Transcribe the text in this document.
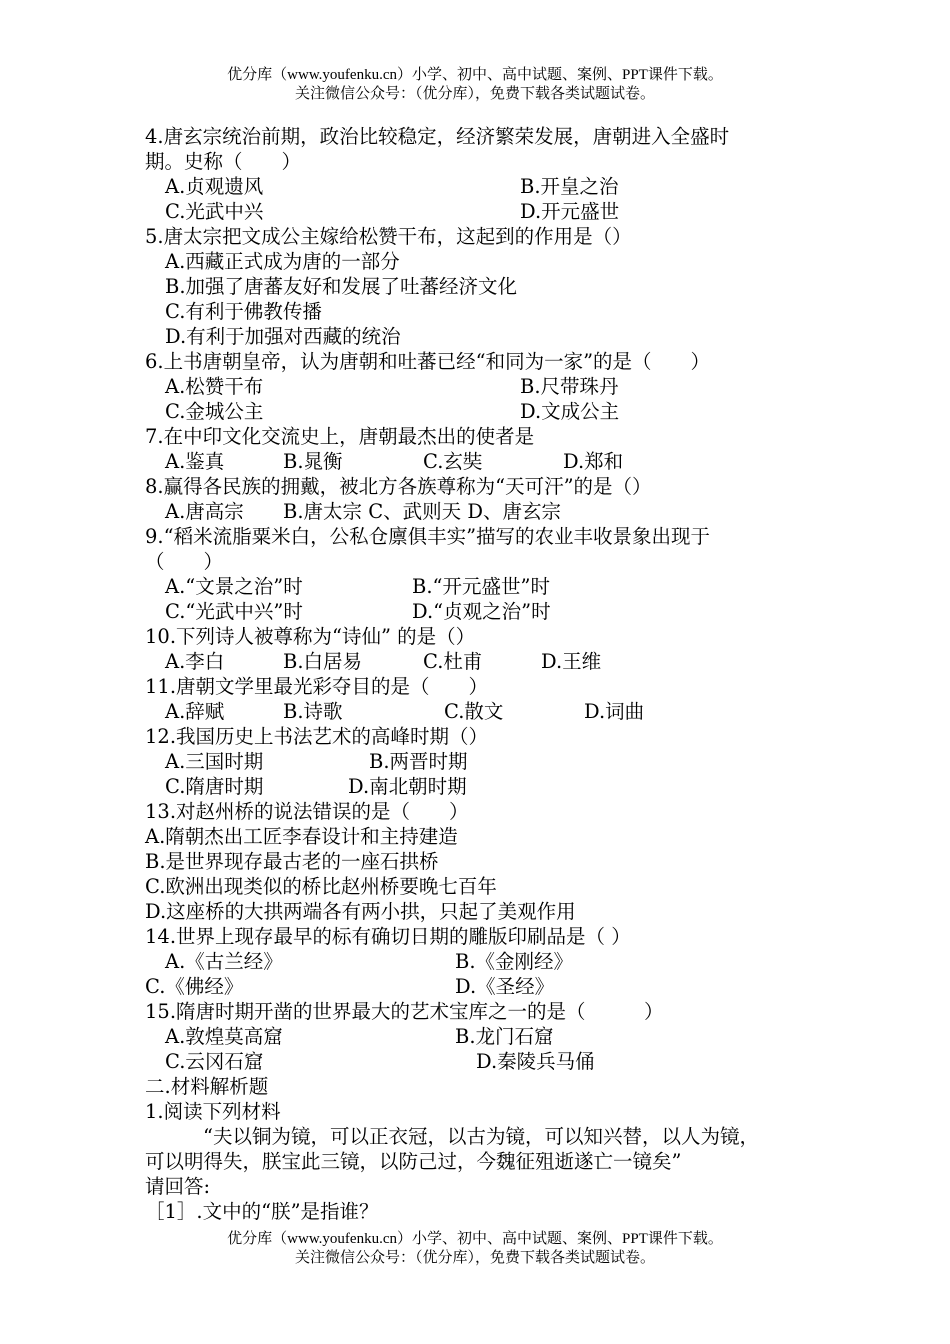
优分库（www.youfenku.cn）小学、初中、高中试题、案例、PPT课件下载。
关注微信公众号：（优分库），免费下载各类试题试卷。
4.唐玄宗统治前期，政治比较稳定，经济繁荣发展，唐朝进入全盛时
期。史称（　　）
A.贞观遗风	B.开皇之治
C.光武中兴	D.开元盛世
5.唐太宗把文成公主嫁给松赞干布，这起到的作用是（）
A.西藏正式成为唐的一部分
B.加强了唐蕃友好和发展了吐蕃经济文化
C.有利于佛教传播
D.有利于加强对西藏的统治
6.上书唐朝皇帝，认为唐朝和吐蕃已经“和同为一家”的是（　　）
A.松赞干布	B.尺带珠丹
C.金城公主	D.文成公主
7.在中印文化交流史上，唐朝最杰出的使者是
A.鉴真	B.晁衡	C.玄奘	D.郑和
8.赢得各民族的拥戴，被北方各族尊称为“天可汗”的是（）
A.唐高宗 B.唐太宗 C、武则天 D、唐玄宗
9.“稻米流脂粟米白，公私仓廪俱丰实”描写的农业丰收景象出现于
（　　）
A.“文景之治”时	B.“开元盛世”时
C.“光武中兴”时	D.“贞观之治”时
10.下列诗人被尊称为“诗仙” 的是（）
A.李白	B.白居易	C.杜甫	D.王维
11.唐朝文学里最光彩夺目的是（　　）
A.辞赋	B.诗歌	C.散文	D.词曲
12.我国历史上书法艺术的高峰时期（）
A.三国时期	B.两晋时期
C.隋唐时期	D.南北朝时期
13.对赵州桥的说法错误的是（　　）
A.隋朝杰出工匠李春设计和主持建造
B.是世界现存最古老的一座石拱桥
C.欧洲出现类似的桥比赵州桥要晚七百年
D.这座桥的大拱两端各有两小拱，只起了美观作用
14.世界上现存最早的标有确切日期的雕版印刷品是（ ）
A.《古兰经》	B.《金刚经》
C.《佛经》	D.《圣经》
15.隋唐时期开凿的世界最大的艺术宝库之一的是（　　　）
A.敦煌莫高窟	B.龙门石窟
C.云冈石窟	D.秦陵兵马俑
二.材料解析题
1.阅读下列材料
“夫以铜为镜，可以正衣冠，以古为镜，可以知兴替，以人为镜，
可以明得失，朕宝此三镜，以防己过，今魏征殂逝遂亡一镜矣”
请回答:
［1］.文中的“朕”是指谁？
优分库（www.youfenku.cn）小学、初中、高中试题、案例、PPT课件下载。
关注微信公众号：（优分库），免费下载各类试题试卷。
